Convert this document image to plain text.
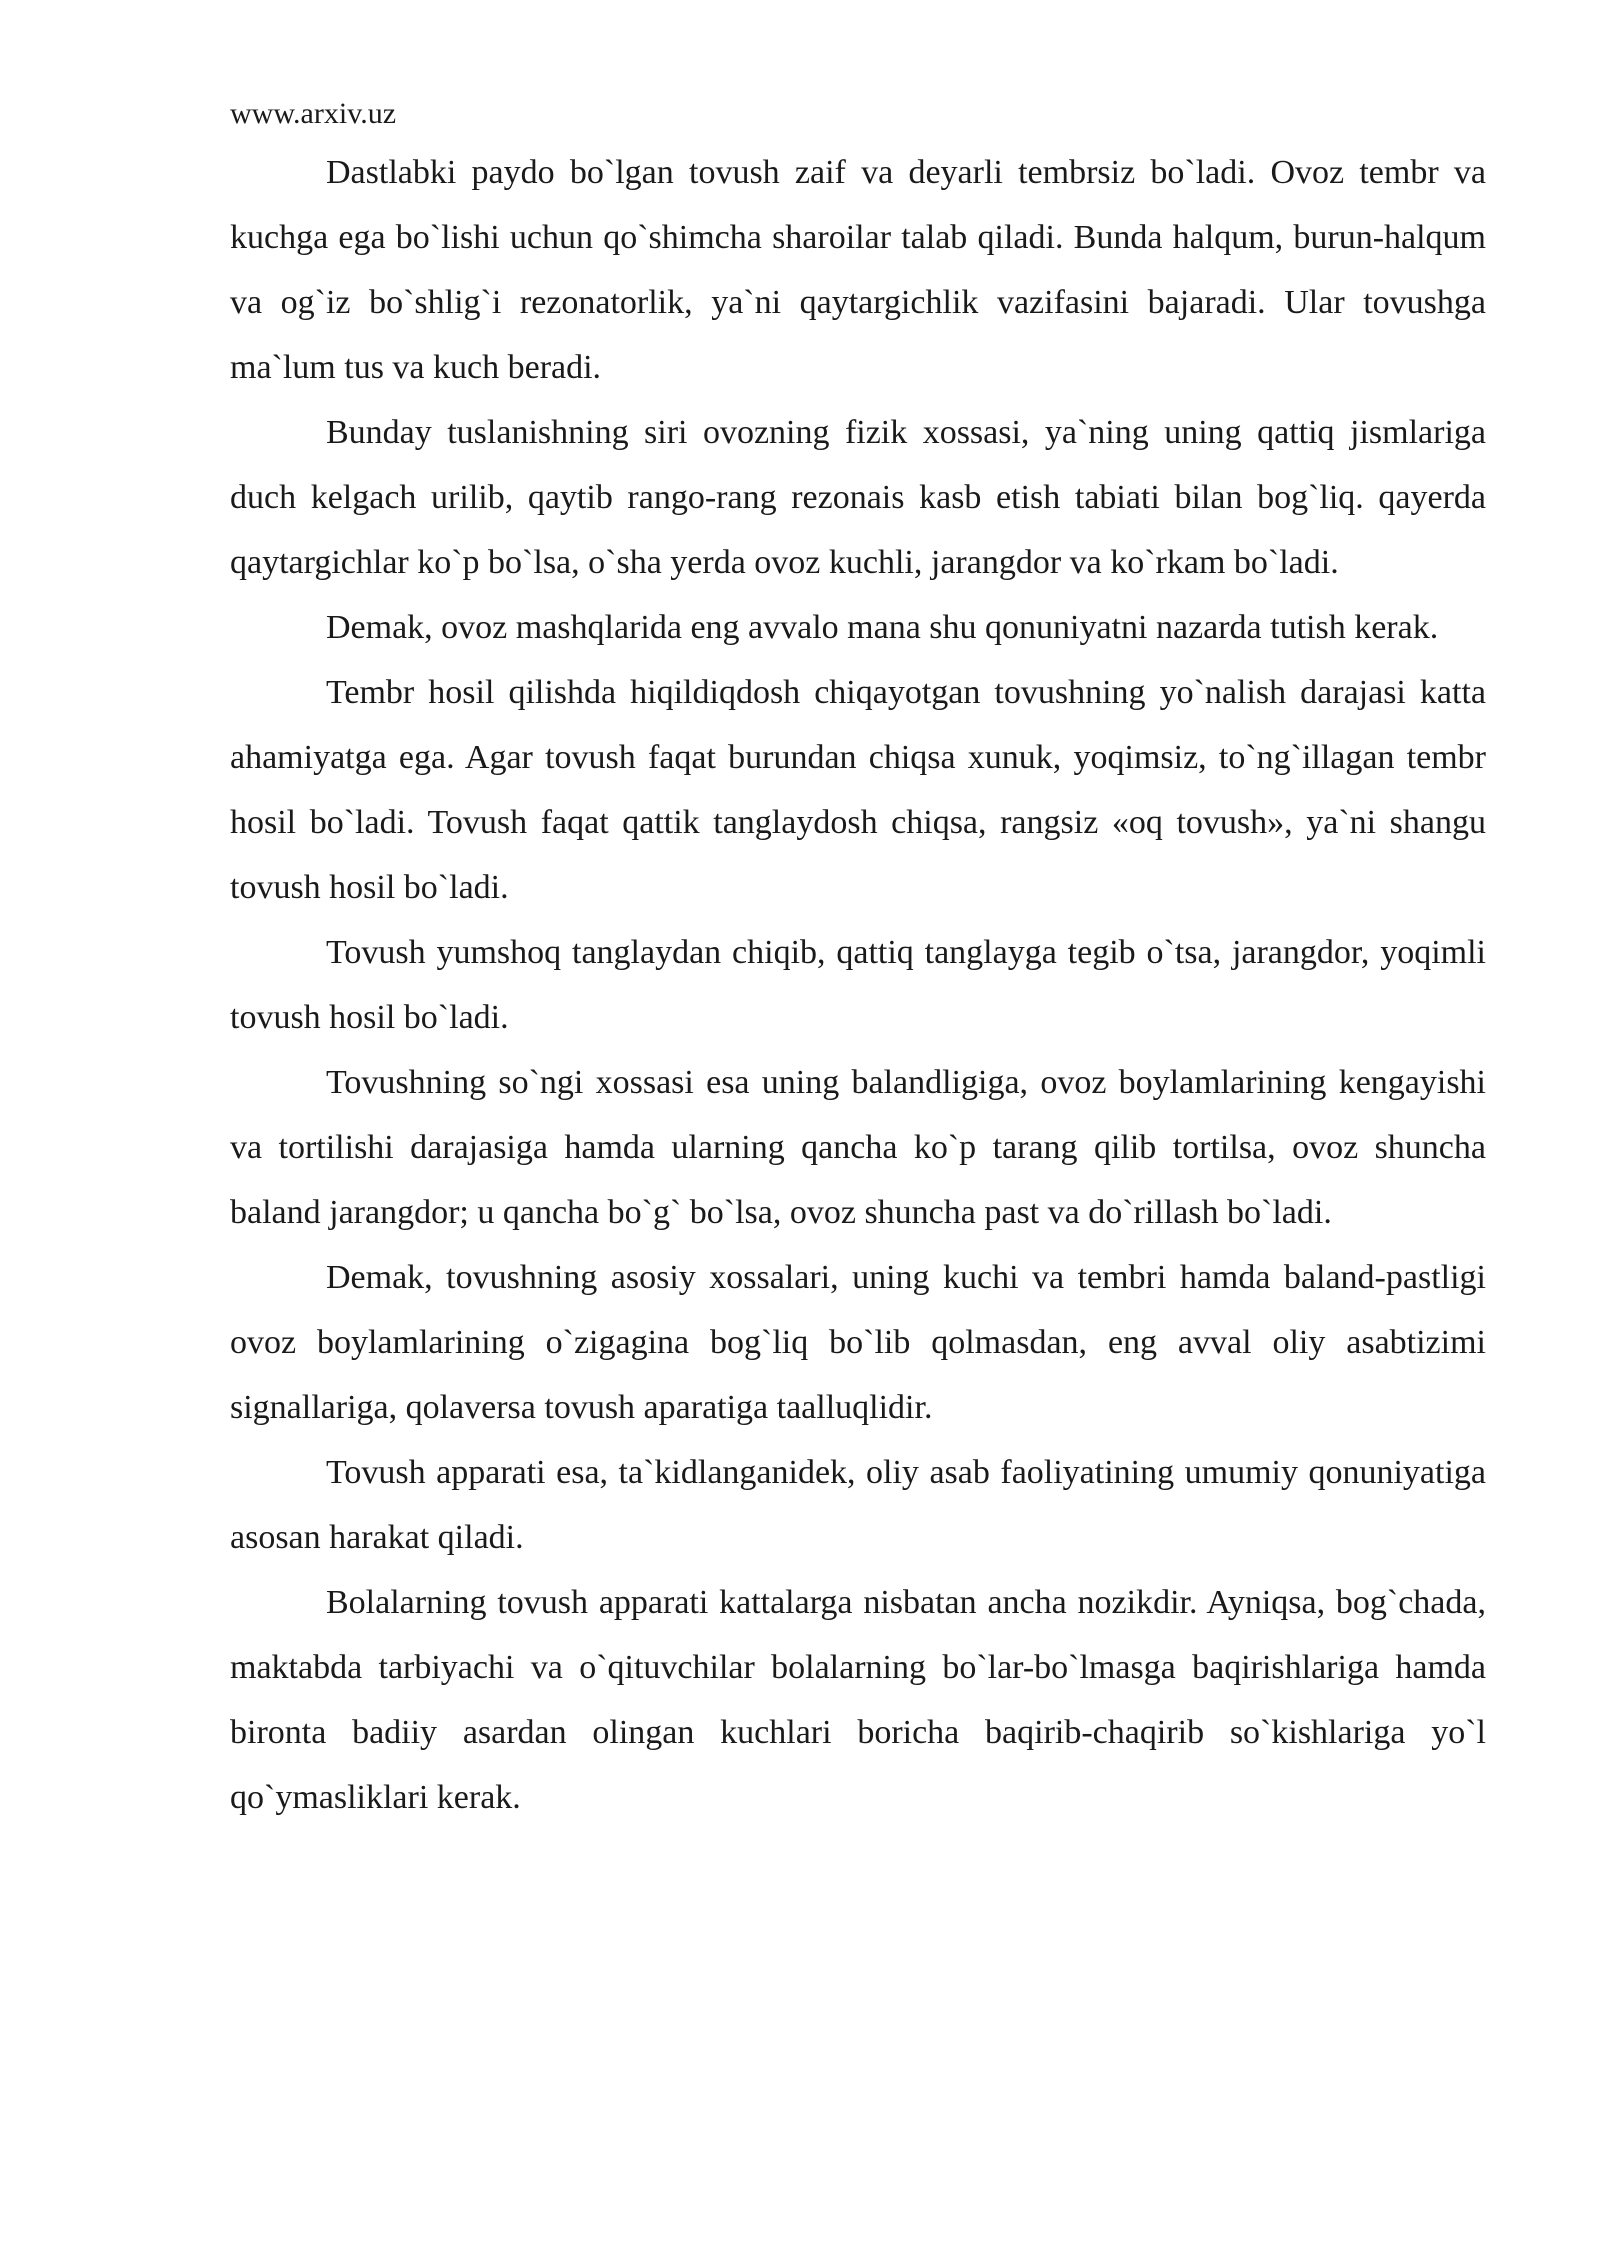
www.arxiv.uz

Dastlabki paydo bo`lgan tovush zaif va deyarli tembrsiz bo`ladi. Ovoz tembr va kuchga ega bo`lishi uchun qo`shimcha sharoilar talab qiladi. Bunda halqum, burun-halqum va og`iz bo`shlig`i rezonatorlik, ya`ni qaytargichlik vazifasini bajaradi. Ular tovushga ma`lum tus va kuch beradi.

Bunday tuslanishning siri ovozning fizik xossasi, ya`ning uning qattiq jismlariga duch kelgach urilib, qaytib rango-rang rezonais kasb etish tabiati bilan bog`liq. qayerda qaytargichlar ko`p bo`lsa, o`sha yerda ovoz kuchli, jarangdor va ko`rkam bo`ladi.

Demak, ovoz mashqlarida eng avvalo mana shu qonuniyatni nazarda tutish kerak.

Tembr hosil qilishda hiqildiqdosh chiqayotgan tovushning yo`nalish darajasi katta ahamiyatga ega. Agar tovush faqat burundan chiqsa xunuk, yoqimsiz, to`ng`illagan tembr hosil bo`ladi. Tovush faqat qattik tanglaydosh chiqsa, rangsiz «oq tovush», ya`ni shangu tovush hosil bo`ladi.

Tovush yumshoq tanglaydan chiqib, qattiq tanglayga tegib o`tsa, jarangdor, yoqimli tovush hosil bo`ladi.

Tovushning so`ngi xossasi esa uning balandligiga, ovoz boylamlarining kengayishi va tortilishi darajasiga hamda ularning qancha ko`p tarang qilib tortilsa, ovoz shuncha baland jarangdor; u qancha bo`g` bo`lsa, ovoz shuncha past va do`rillash bo`ladi.

Demak, tovushning asosiy xossalari, uning kuchi va tembri hamda baland-pastligi ovoz boylamlarining o`zigagina bog`liq bo`lib qolmasdan, eng avval oliy asabtizimi signallariga, qolaversa tovush aparatiga taalluqlidir.

Tovush apparati esa, ta`kidlanganidek, oliy asab faoliyatining umumiy qonuniyatiga asosan harakat qiladi.

Bolalarning tovush apparati kattalarga nisbatan ancha nozikdir. Ayniqsa, bog`chada, maktabda tarbiyachi va o`qituvchilar bolalarning bo`lar-bo`lmasga baqirishlariga hamda bironta badiiy asardan olingan kuchlari boricha baqirib-chaqirib so`kishlariga yo`l qo`ymasliklari kerak.
